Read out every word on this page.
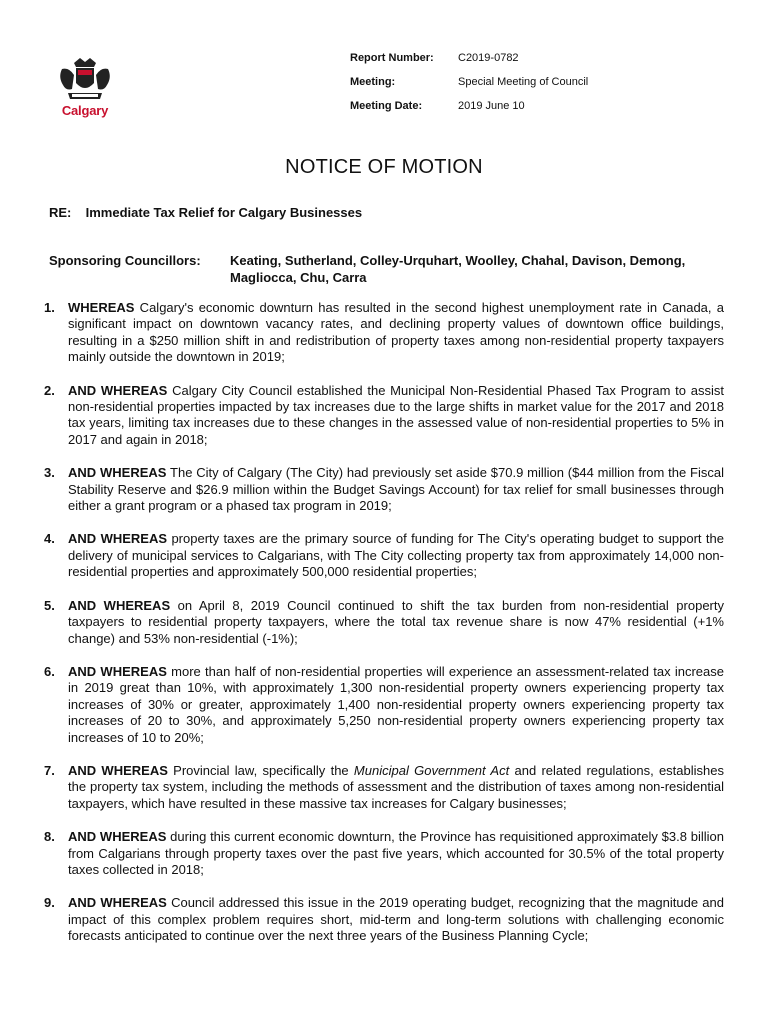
Calgary
Report Number: C2019-0782
Meeting:	Special Meeting of Council
Meeting Date:	2019 June 10
NOTICE OF MOTION
RE: Immediate Tax Relief for Calgary Businesses
Sponsoring Councillors: Keating, Sutherland, Colley-Urquhart, Woolley, Chahal, Davison, Demong, Magliocca, Chu, Carra
1. WHEREAS Calgary's economic downturn has resulted in the second highest unemployment rate in Canada, a significant impact on downtown vacancy rates, and declining property values of downtown office buildings, resulting in a $250 million shift in and redistribution of property taxes among non-residential property taxpayers mainly outside the downtown in 2019;
2. AND WHEREAS Calgary City Council established the Municipal Non-Residential Phased Tax Program to assist non-residential properties impacted by tax increases due to the large shifts in market value for the 2017 and 2018 tax years, limiting tax increases due to these changes in the assessed value of non-residential properties to 5% in 2017 and again in 2018;
3. AND WHEREAS The City of Calgary (The City) had previously set aside $70.9 million ($44 million from the Fiscal Stability Reserve and $26.9 million within the Budget Savings Account) for tax relief for small businesses through either a grant program or a phased tax program in 2019;
4. AND WHEREAS property taxes are the primary source of funding for The City's operating budget to support the delivery of municipal services to Calgarians, with The City collecting property tax from approximately 14,000 non-residential properties and approximately 500,000 residential properties;
5. AND WHEREAS on April 8, 2019 Council continued to shift the tax burden from non-residential property taxpayers to residential property taxpayers, where the total tax revenue share is now 47% residential (+1% change) and 53% non-residential (-1%);
6. AND WHEREAS more than half of non-residential properties will experience an assessment-related tax increase in 2019 great than 10%, with approximately 1,300 non-residential property owners experiencing property tax increases of 30% or greater, approximately 1,400 non-residential property owners experiencing property tax increases of 20 to 30%, and approximately 5,250 non-residential property owners experiencing property tax increases of 10 to 20%;
7. AND WHEREAS Provincial law, specifically the Municipal Government Act and related regulations, establishes the property tax system, including the methods of assessment and the distribution of taxes among non-residential taxpayers, which have resulted in these massive tax increases for Calgary businesses;
8. AND WHEREAS during this current economic downturn, the Province has requisitioned approximately $3.8 billion from Calgarians through property taxes over the past five years, which accounted for 30.5% of the total property taxes collected in 2018;
9. AND WHEREAS Council addressed this issue in the 2019 operating budget, recognizing that the magnitude and impact of this complex problem requires short, mid-term and long-term solutions with challenging economic forecasts anticipated to continue over the next three years of the Business Planning Cycle;
